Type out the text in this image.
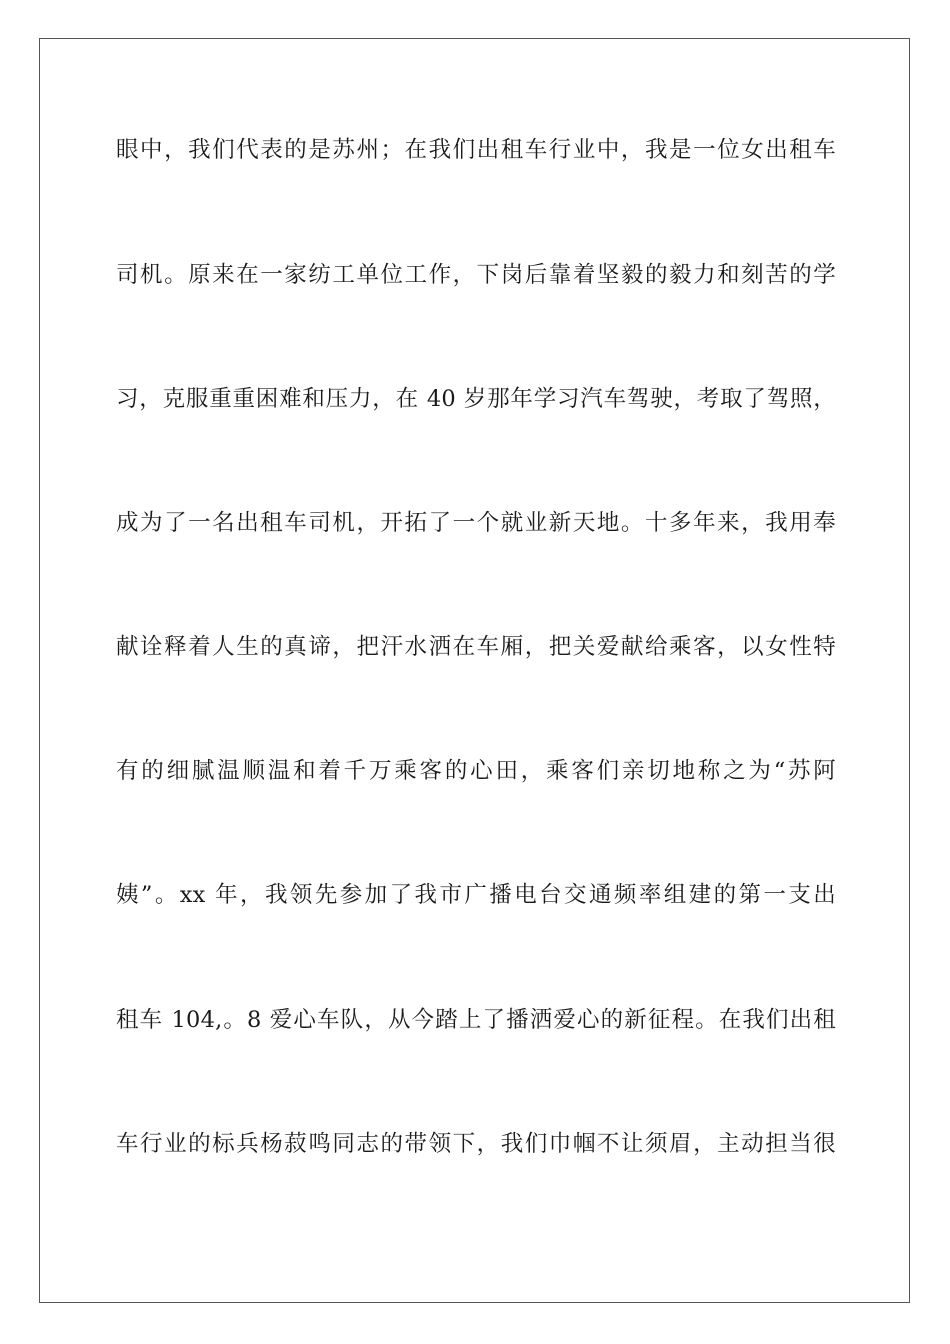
眼中，我们代表的是苏州；在我们出租车行业中，我是一位女出租车
司机。原来在一家纺工单位工作，下岗后靠着坚毅的毅力和刻苦的学
习，克服重重困难和压力，在 40 岁那年学习汽车驾驶，考取了驾照，
成为了一名出租车司机，开拓了一个就业新天地。十多年来，我用奉
献诠释着人生的真谛，把汗水洒在车厢，把关爱献给乘客，以女性特
有的细腻温顺温和着千万乘客的心田，乘客们亲切地称之为“苏阿
姨”。xx 年，我领先参加了我市广播电台交通频率组建的第一支出
租车 104,。8 爱心车队，从今踏上了播洒爱心的新征程。在我们出租
车行业的标兵杨菽鸣同志的带领下，我们巾帼不让须眉，主动担当很
